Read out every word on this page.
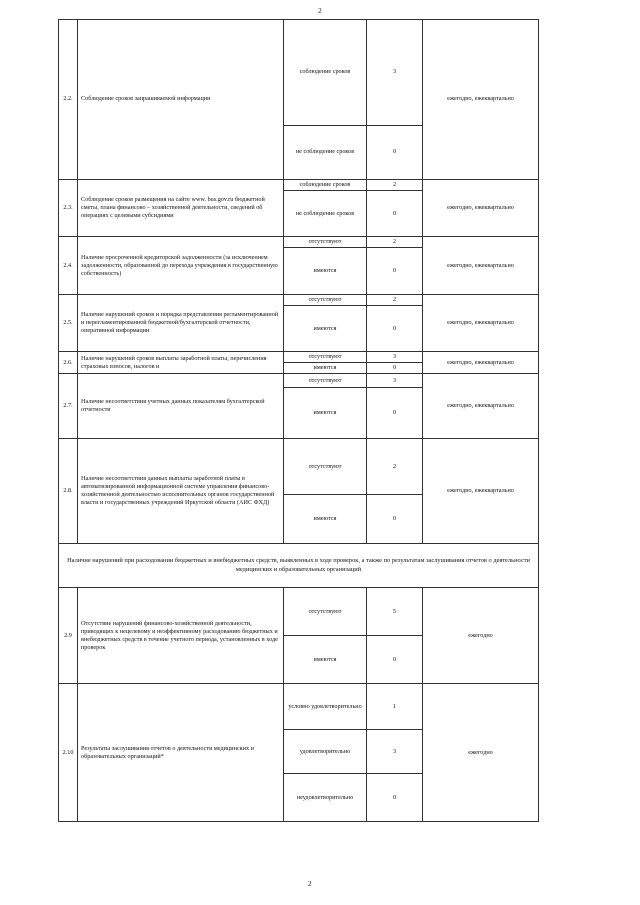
2
2.2.	Соблюдение сроков запрашиваемой информации	соблюдение сроков	3	ежегодно, ежеквартально
		не соблюдение сроков	0	
2.3.	Соблюдение сроков размещения на сайте www. bus.gov.ru бюджетной сметы, плана финансово – хозяйственной деятельности, сведений об операциях с целевыми субсидиями	соблюдение сроков	2	ежегодно, ежеквартально
		не соблюдение сроков	0	
2.4.	Наличие просроченной кредиторской задолженности (за исключением задолженности, образованной до перехода учреждения в государственную собственность)	отсутствуют	2	ежегодно, ежеквартально
		имеются	0	
2.5.	Наличие нарушений сроков и порядка представления регламентированной и нерегламентированной бюджетной/бухгалтерской отчетности, оперативной информации	отсутствуют	2	ежегодно, ежеквартально
		имеются	0	
2.6.	Наличие нарушений сроков выплаты заработной платы, перечисления страховых взносов, налогов и	отсутствуют	3	ежегодно, ежеквартально
		имеются	0	
2.7.	Наличие несоответствия учетных данных показателям бухгалтерской отчетности	отсутствуют	3	ежегодно, ежеквартально
		имеются	0	
2.8.	Наличие несоответствия данных выплаты заработной платы в автоматизированной информационной системе управления финансово-хозяйственной деятельностью исполнительных органов государственной власти и государственных учреждений Иркутской области (АИС ФХД)	отсутствуют	2	ежегодно, ежеквартально
		имеются	0	
Наличие нарушений при расходовании бюджетных и внебюджетных средств, выявленных в ходе проверок, а также по результатам заслушивания отчетов о деятельности медицинских и образовательных организаций				
2.9	Отсутствие нарушений финансово-хозяйственной деятельности, приводящих к нецелевому и неэффективному расходованию бюджетных и внебюджетных средств в течение учетного периода, установленных в ходе проверок	отсутствуют	5	ежегодно
		имеются	0	
2.10	Результаты заслушивания отчетов о деятельности медицинских и образовательных организаций*	условно удовлетворительно	1	ежегодно
		удовлетворительно	3	
		неудовлетворительно	0	
2
